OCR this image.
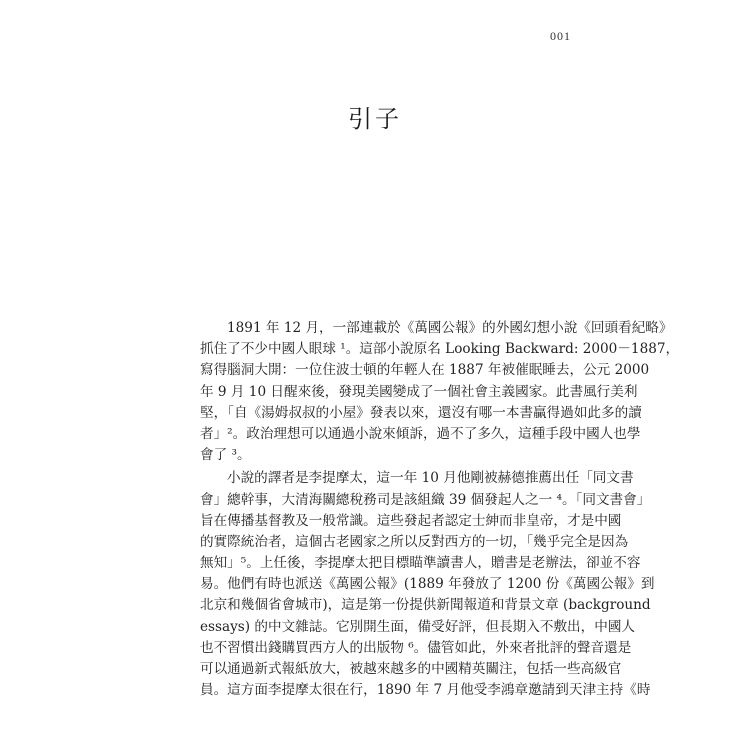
001
引子
1891 年 12 月，一部連載於《萬國公報》的外國幻想小說《回頭看紀略》
抓住了不少中國人眼球 ¹。這部小說原名 Looking Backward: 2000－1887，
寫得腦洞大開：一位住波士頓的年輕人在 1887 年被催眠睡去，公元 2000
年 9 月 10 日醒來後，發現美國變成了一個社會主義國家。此書風行美利
堅，「自《湯姆叔叔的小屋》發表以來，還沒有哪一本書贏得過如此多的讀
者」²。政治理想可以通過小說來傾訴，過不了多久，這種手段中國人也學
會了 ³。
小說的譯者是李提摩太，這一年 10 月他剛被赫德推薦出任「同文書
會」總幹事，大清海關總稅務司是該組織 39 個發起人之一 ⁴。「同文書會」
旨在傳播基督教及一般常識。這些發起者認定士紳而非皇帝，才是中國
的實際統治者，這個古老國家之所以反對西方的一切，「幾乎完全是因為
無知」⁵。上任後，李提摩太把目標瞄準讀書人，贈書是老辦法，卻並不容
易。他們有時也派送《萬國公報》(1889 年發放了 1200 份《萬國公報》到
北京和幾個省會城市)，這是第一份提供新聞報道和背景文章 (background
essays) 的中文雜誌。它別開生面，備受好評，但長期入不敷出，中國人
也不習慣出錢購買西方人的出版物 ⁶。儘管如此，外來者批評的聲音還是
可以通過新式報紙放大，被越來越多的中國精英關注，包括一些高級官
員。這方面李提摩太很在行，1890 年 7 月他受李鴻章邀請到天津主持《時
